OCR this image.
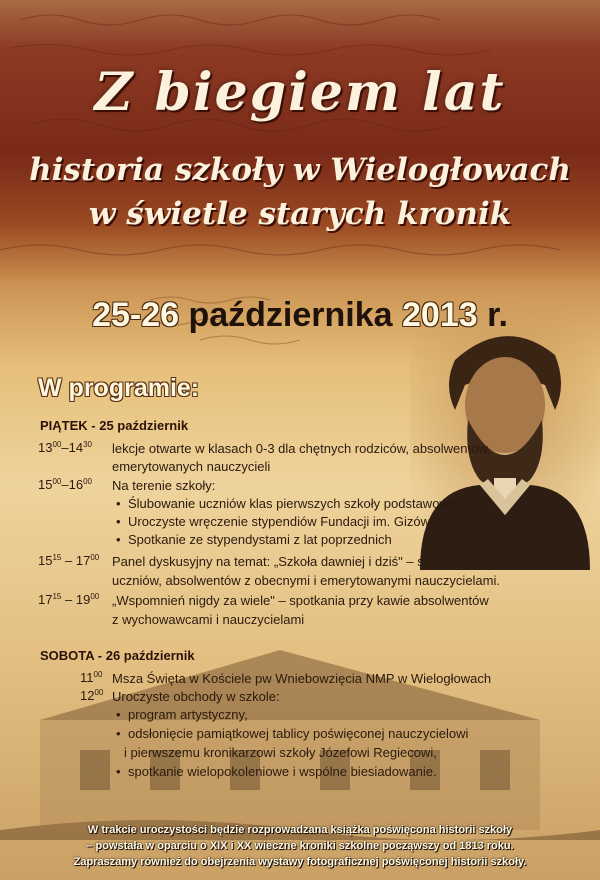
Z biegiem lat
historia szkoły w Wielogłowach
w świetle starych kronik
25-26 października 2013 r.
W programie:
PIĄTEK - 25 październik
$13^{00}-14^{30}$ lekcje otwarte w klasach 0-3 dla chętnych rodziców, absolwentów,
emerytowanych nauczycieli
$15^{00}-16^{00}$ Na terenie szkoły:
• Ślubowanie uczniów klas pierwszych szkoły podstawowej
• Uroczyste wręczenie stypendiów Fundacji im. Gizów
• Spotkanie ze stypendystami z lat poprzednich
$15^{15} - 17^{00}$ Panel dyskusyjny na temat: „Szkoła dawniej i dziś" – spotkanie
uczniów, absolwentów z obecnymi i emerytowanymi nauczycielami.
$17^{15} - 19^{00}$ „Wspomnień nigdy za wiele" – spotkania przy kawie absolwentów
z wychowawcami i nauczycielami
SOBOTA - 26 październik
$11^{00}$ Msza Święta w Kościele pw Wniebowzięcia NMP w Wielogłowach
$12^{00}$ Uroczyste obchody w szkole:
• program artystyczny,
• odsłonięcie pamiątkowej tablicy poświęconej nauczycielowi
i pierwszemu kronikarzowi szkoły Józefowi Regiecowi,
• spotkanie wielopokoleniowe i wspólne biesiadowanie.
W trakcie uroczystości będzie rozprowadzana książka poświęcona historii szkoły
– powstała w oparciu o XIX i XX wieczne kroniki szkolne począwszy od 1813 roku.
Zapraszamy również do obejrzenia wystawy fotograficznej poświęconej historii szkoły.
